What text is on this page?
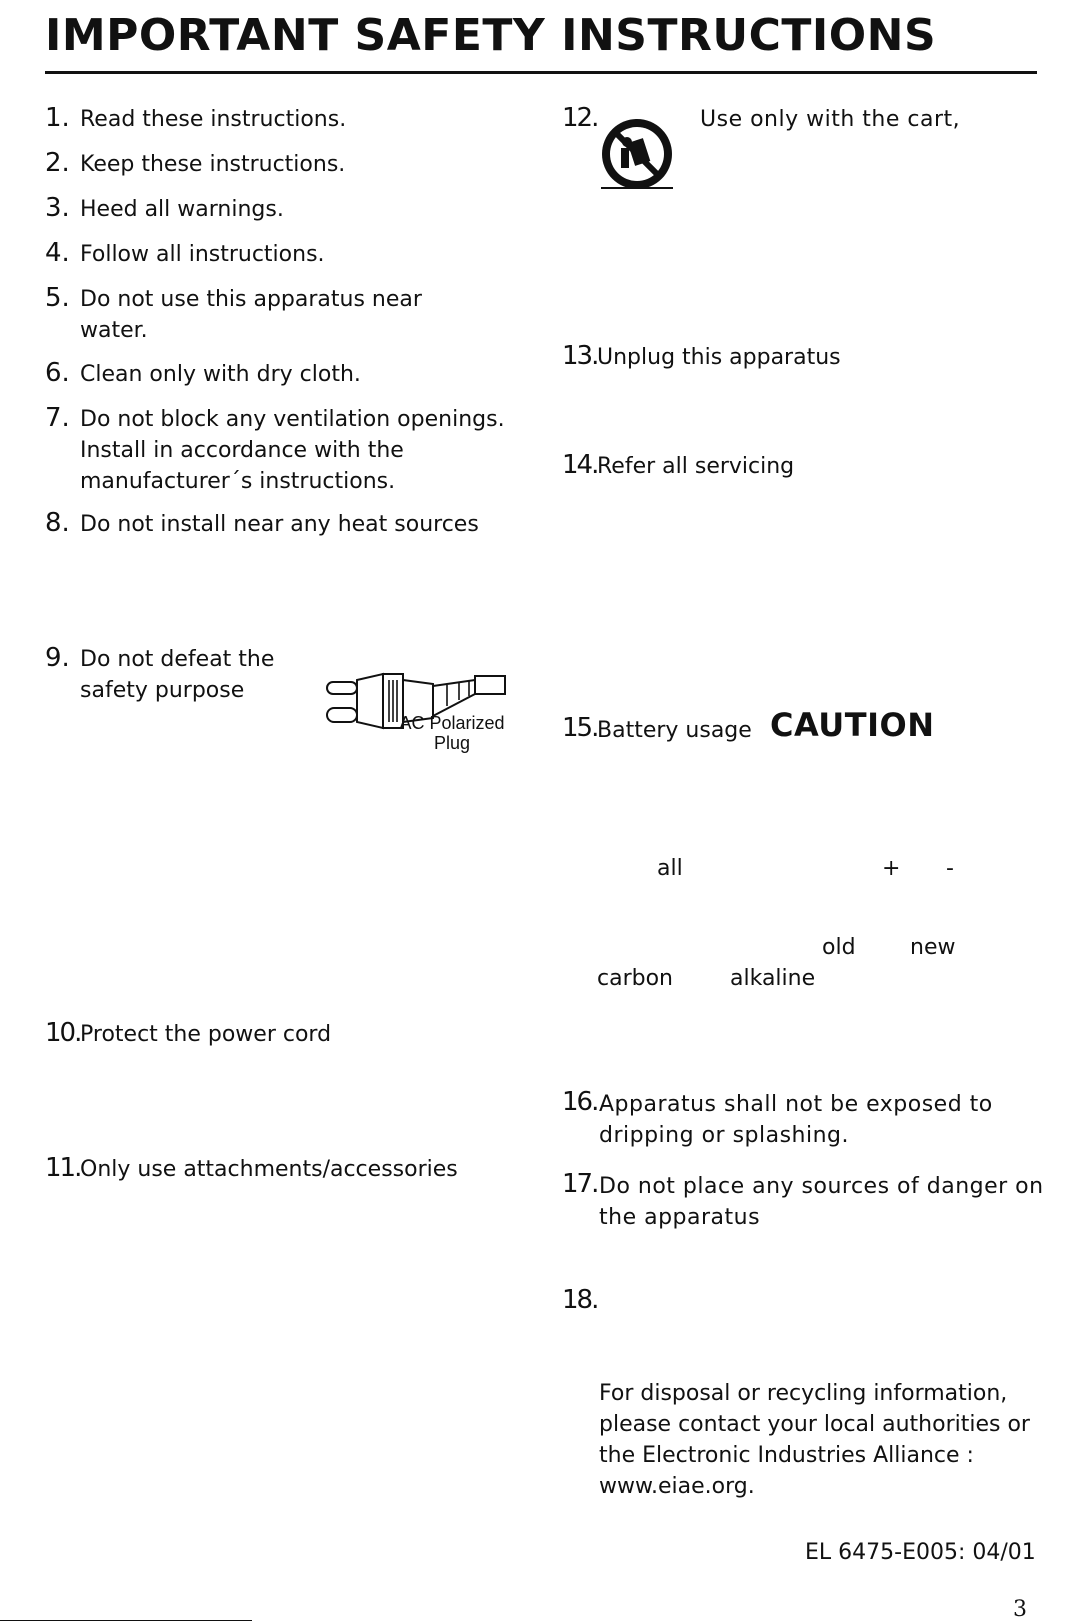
IMPORTANT SAFETY INSTRUCTIONS
1. Read these instructions.
2. Keep these instructions.
3. Heed all warnings.
4. Follow all instructions.
5. Do not use this apparatus near water.
6. Clean only with dry cloth.
7. Do not block any ventilation openings. Install in accordance with the manufacturer´s instructions.
8. Do not install near any heat sources
9. Do not defeat the safety purpose
AC Polarized
Plug
10. Protect the power cord
11. Only use attachments/accessories
12.	Use only with the cart,
13. Unplug this apparatus
14. Refer all servicing
15. Battery usage CAUTION
all	+ -
old new
carbon	alkaline
16. Apparatus shall not be exposed to dripping or splashing.
17. Do not place any sources of danger on the apparatus
18.
For disposal or recycling information, please contact your local authorities or the Electronic Industries Alliance : www.eiae.org.
EL 6475-E005: 04/01
3
